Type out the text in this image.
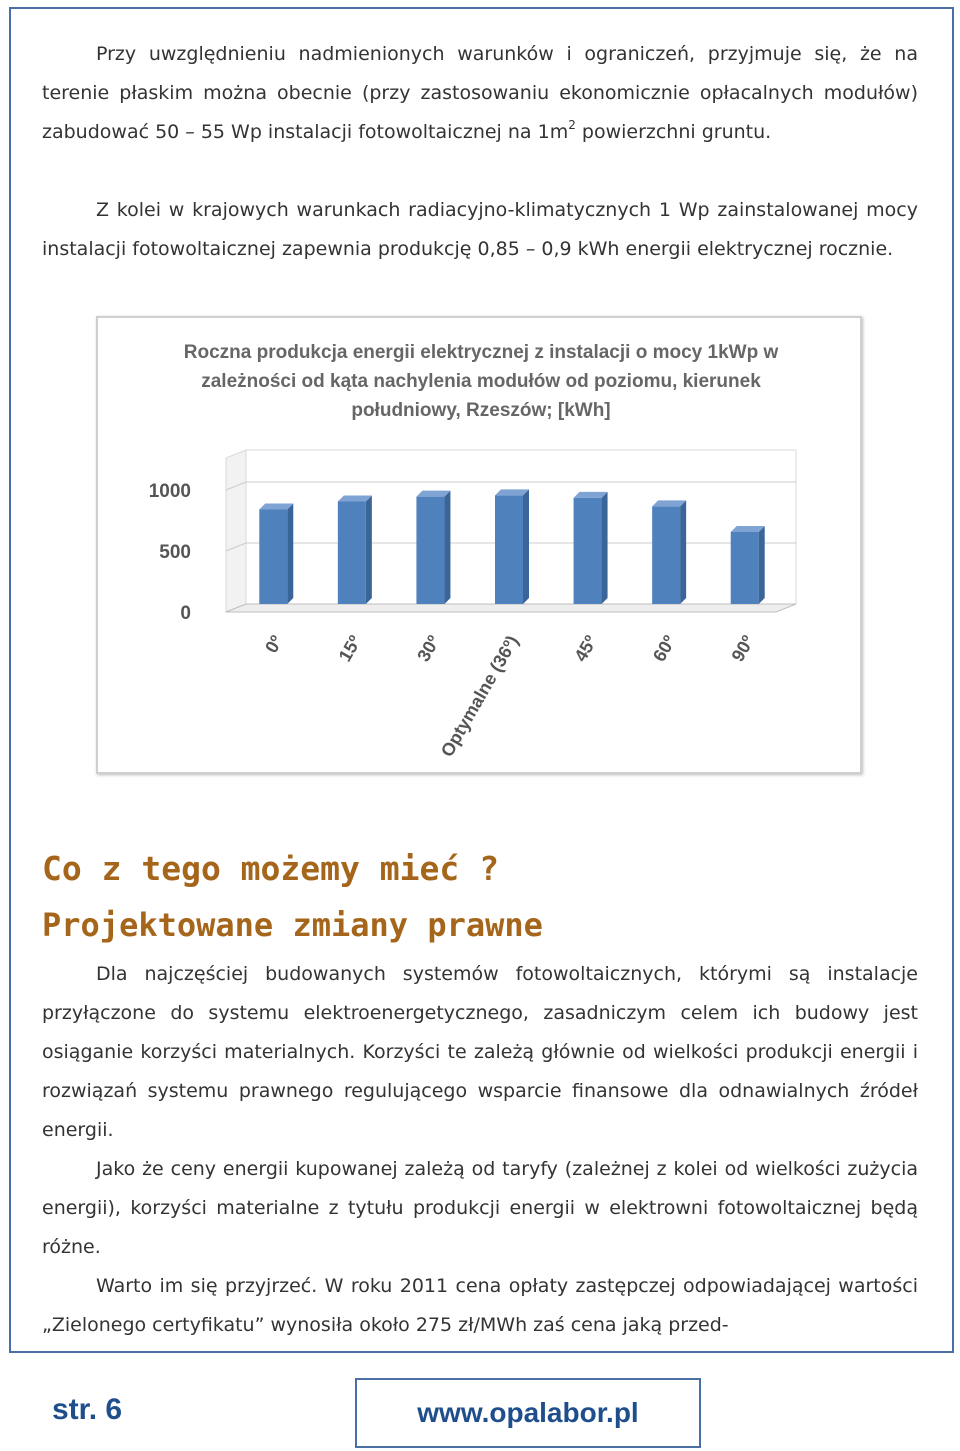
Przy uwzględnieniu nadmienionych warunków i ograniczeń, przyjmuje się, że na terenie płaskim można obecnie (przy zastosowaniu ekonomicznie opłacalnych modułów) zabudować 50 – 55 Wp instalacji fotowoltaicznej na $1m^2$ powierzchni gruntu.

Z kolei w krajowych warunkach radiacyjno-klimatycznych 1 Wp zainstalowanej mocy instalacji fotowoltaicznej zapewnia produkcję 0,85 – 0,9 kWh energii elektrycznej rocznie.

Roczna produkcja energii elektrycznej z instalacji o mocy 1kWp w
zależności od kąta nachylenia modułów od poziomu, kierunek
południowy, Rzeszów; [kWh]
0
500
1000
0º	15º	30º
Optymalne (36º)	45º	60º	90º
Co z tego możemy mieć ?
Projektowane zmiany prawne

Dla najczęściej budowanych systemów fotowoltaicznych, którymi są instalacje przyłączone do systemu elektroenergetycznego, zasadniczym celem ich budowy jest osiąganie korzyści materialnych. Korzyści te zależą głównie od wielkości produkcji energii i rozwiązań systemu prawnego regulującego wsparcie finansowe dla odnawialnych źródeł energii.

Jako że ceny energii kupowanej zależą od taryfy (zależnej z kolei od wielkości zużycia energii), korzyści materialne z tytułu produkcji energii w elektrowni fotowoltaicznej będą różne.

Warto im się przyjrzeć. W roku 2011 cena opłaty zastępczej odpowiadającej wartości „Zielonego certyfikatu” wynosiła około 275 zł/MWh zaś cena jaką przed-

str. 6	www.opalabor.pl
